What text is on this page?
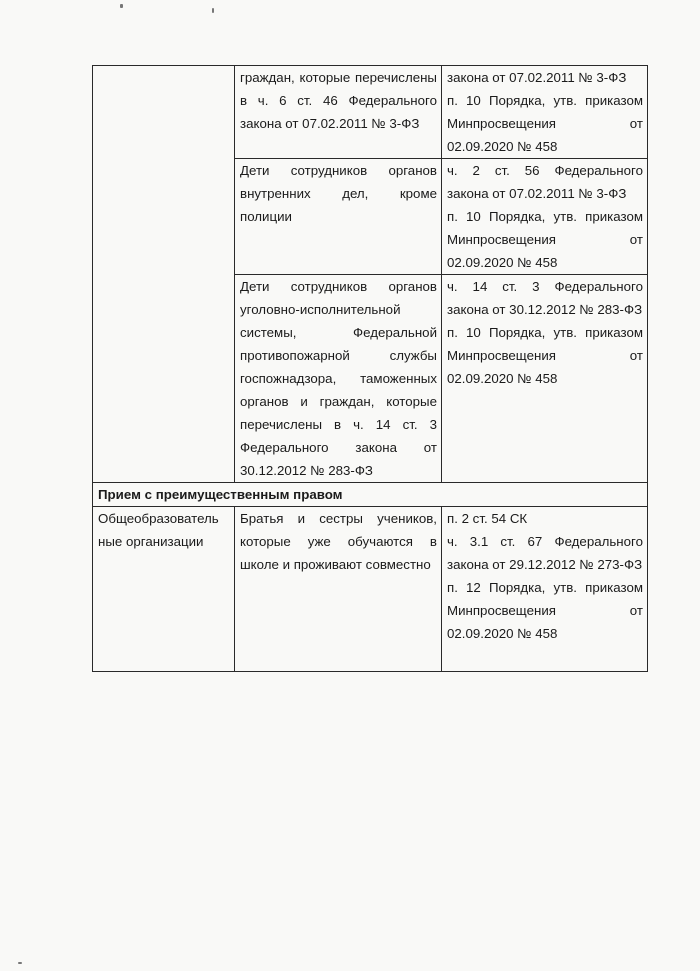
	граждан, которые перечислены в ч. 6 ст. 46 Федерального закона от 07.02.2011 № 3-ФЗ	закона от 07.02.2011 № 3-ФЗ
п. 10 Порядка, утв. приказом Минпросвещения от 02.09.2020 № 458

	Дети сотрудников органов внутренних дел, кроме полиции	ч. 2 ст. 56 Федерального закона от 07.02.2011 № 3-ФЗ
п. 10 Порядка, утв. приказом Минпросвещения от 02.09.2020 № 458

	Дети сотрудников органов уголовно-исполнительной системы, Федеральной противопожарной службы госпожнадзора, таможенных органов и граждан, которые перечислены в ч. 14 ст. 3 Федерального закона от 30.12.2012 № 283-ФЗ	ч. 14 ст. 3 Федерального закона от 30.12.2012 № 283-ФЗ
п. 10 Порядка, утв. приказом Минпросвещения от 02.09.2020 № 458

Прием с преимущественным правом		

Общеобразователь ные организации	Братья и сестры учеников, которые уже обучаются в школе и проживают совместно	п. 2 ст. 54 СК
ч. 3.1 ст. 67 Федерального закона от 29.12.2012 № 273-ФЗ
п. 12 Порядка, утв. приказом Минпросвещения от 02.09.2020 № 458
